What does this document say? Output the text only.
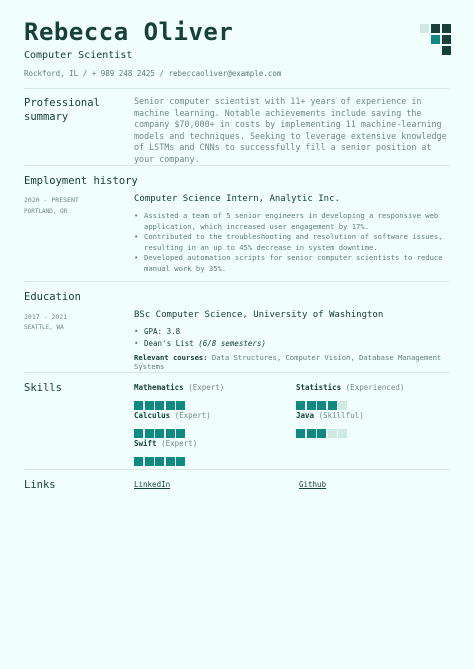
Rebecca Oliver
Computer Scientist
Rockford, IL / + 989 248 2425 / rebeccaoliver@example.com
Professional summary
Senior computer scientist with 11+ years of experience in machine learning. Notable achievements include saving the company $70,000+ in costs by implementing 11 machine-learning models and techniques. Seeking to leverage extensive knowledge of LSTMs and CNNs to successfully fill a senior position at your company.
Employment history
2020 - PRESENT
PORTLAND, OR
Computer Science Intern, Analytic Inc.
• Assisted a team of 5 senior engineers in developing a responsive web application, which increased user engagement by 17%.
• Contributed to the troubleshooting and resolution of software issues, resulting in an up to 45% decrease in system downtime.
• Developed automation scripts for senior computer scientists to reduce manual work by 35%.
Education
2017 - 2021
SEATTLE, WA
BSc Computer Science, University of Washington
• GPA: 3.8
• Dean's List (6/8 semesters)
Relevant courses: Data Structures, Computer Vision, Database Management Systems
Skills	Mathematics (Expert)	Statistics (Experienced)
Calculus (Expert)	Java (Skillful)
Swift (Expert)
Links	LinkedIn	Github
